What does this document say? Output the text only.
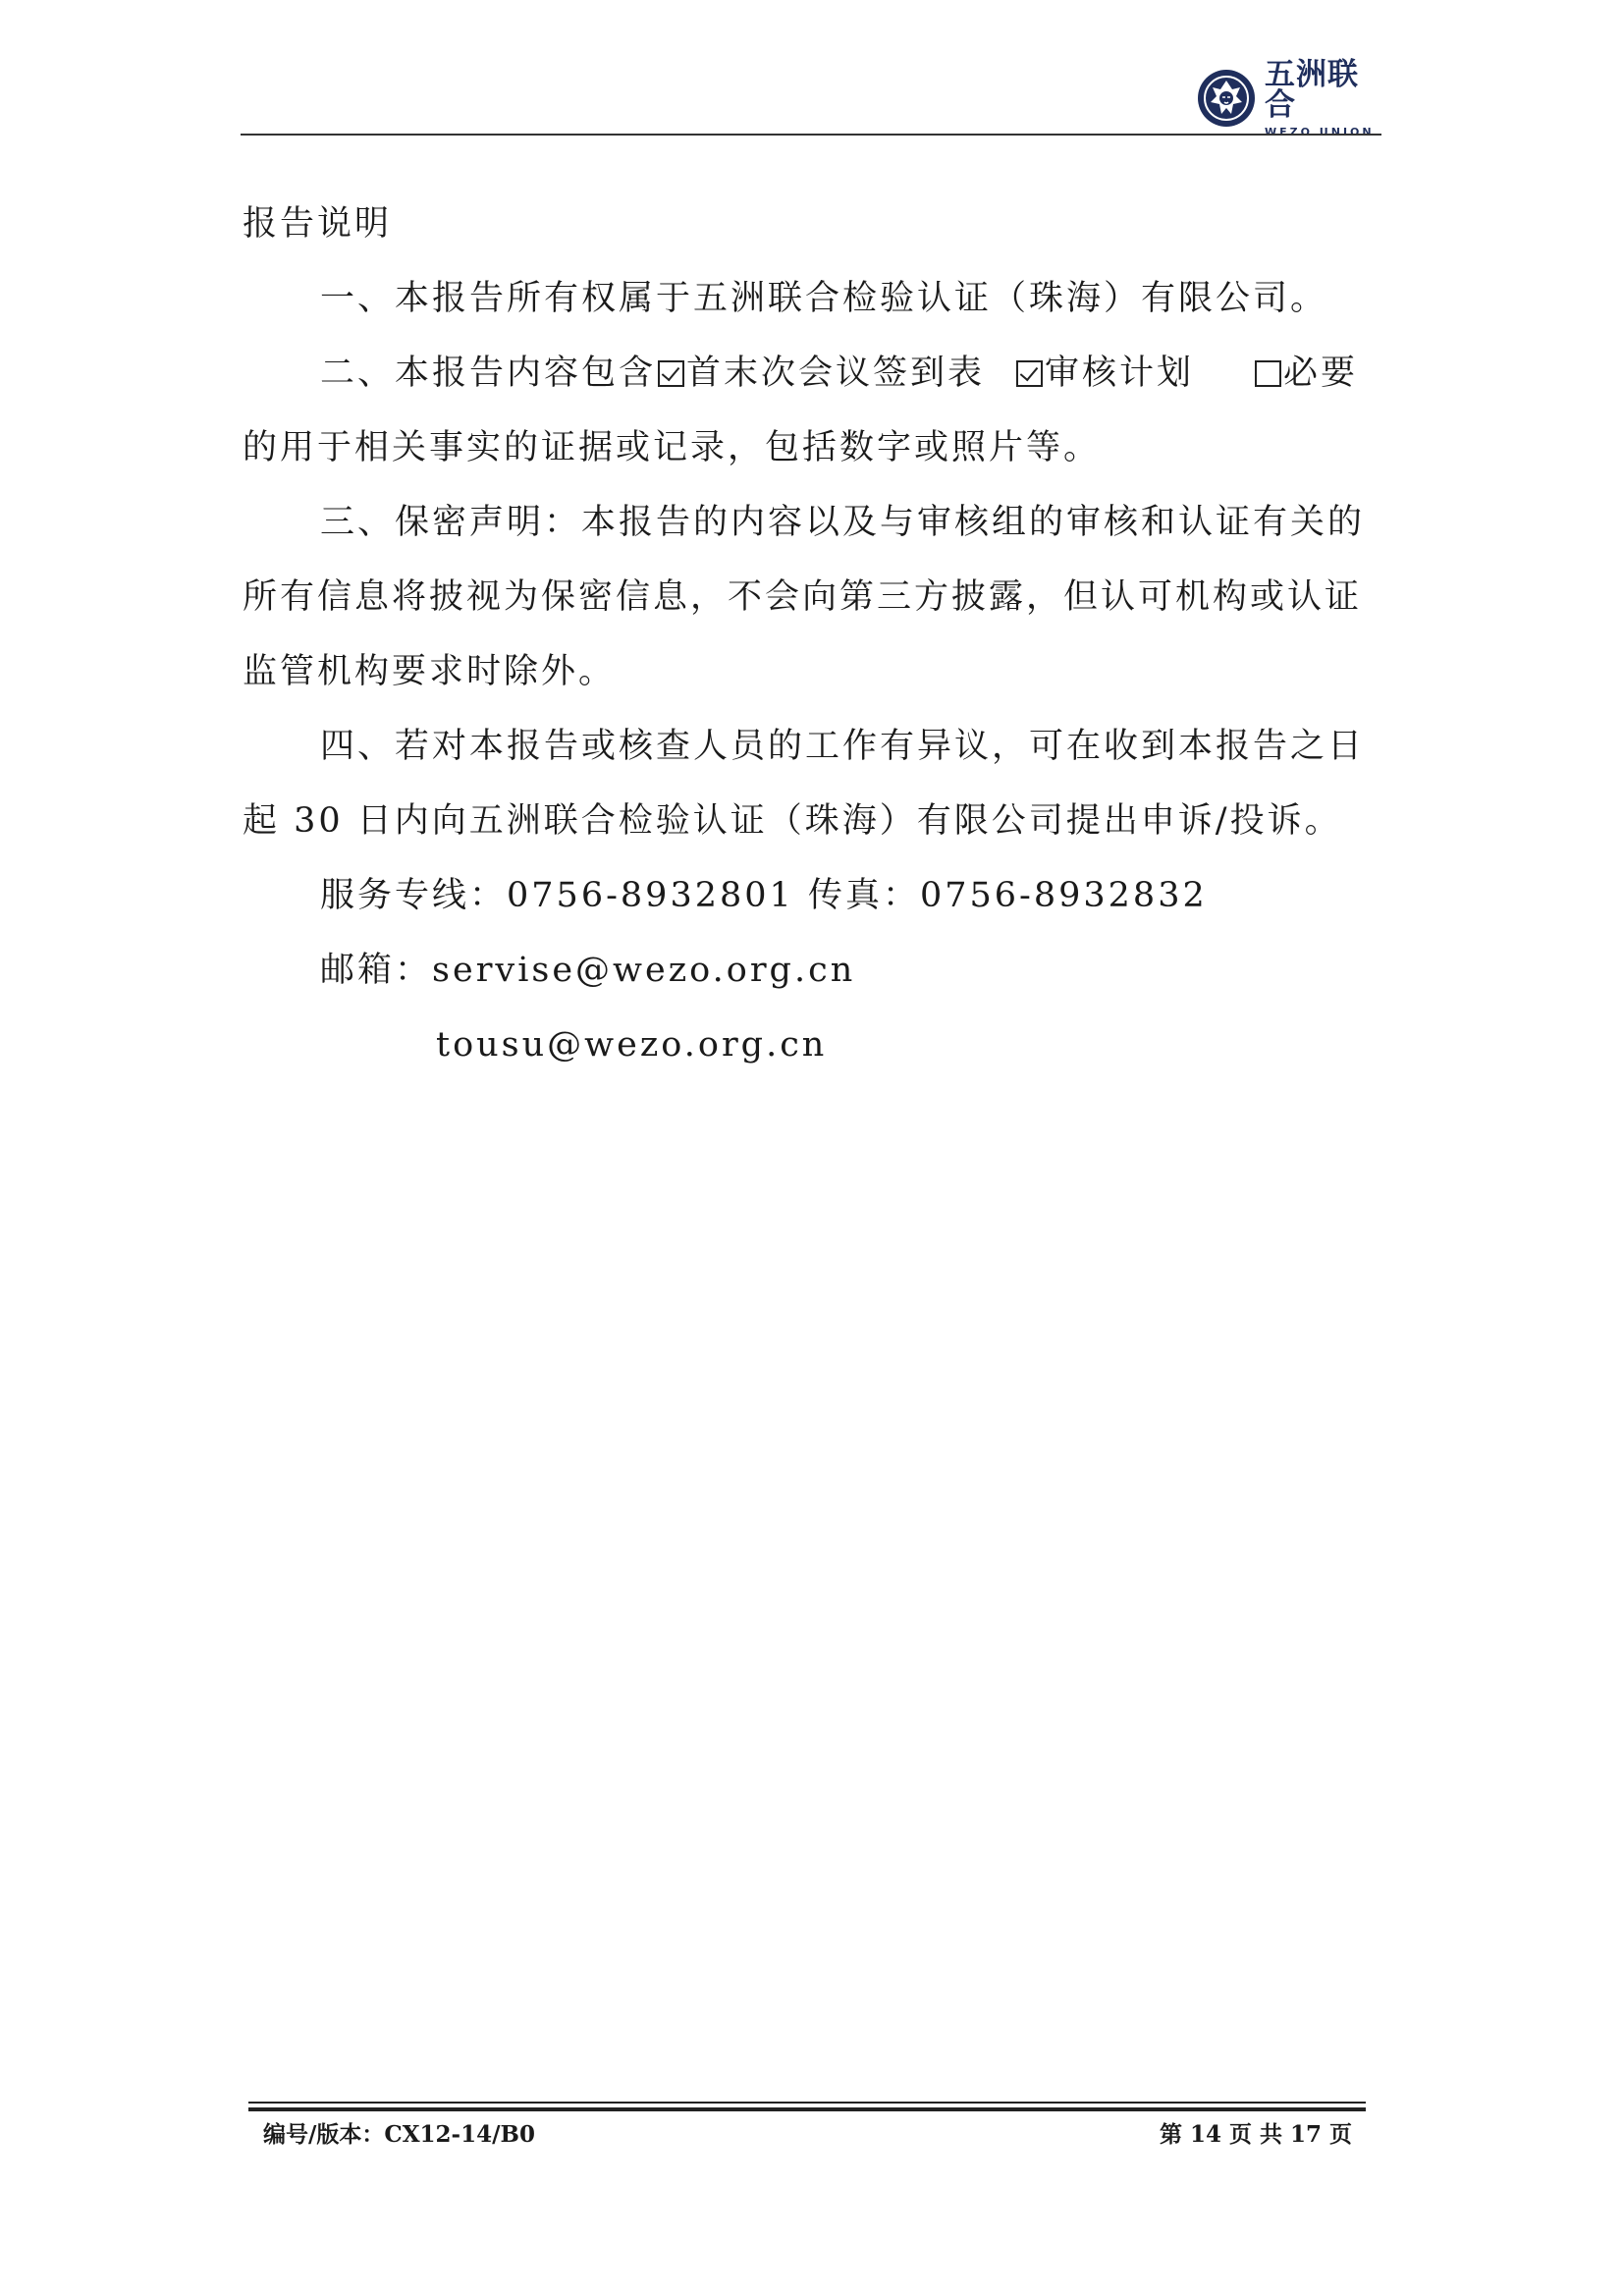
五洲联合
WEZO UNION
报告说明
一、本报告所有权属于五洲联合检验认证（珠海）有限公司。
二、本报告内容包含 首末次会议签到表 审核计划	必要
的用于相关事实的证据或记录，包括数字或照片等。
三、保密声明：本报告的内容以及与审核组的审核和认证有关的
所有信息将披视为保密信息，不会向第三方披露，但认可机构或认证
监管机构要求时除外。
四、若对本报告或核查人员的工作有异议，可在收到本报告之日
起 30 日内向五洲联合检验认证（珠海）有限公司提出申诉/投诉。
服务专线：0756-8932801 传真：0756-8932832
邮箱：servise@wezo.org.cn
tousu@wezo.org.cn
编号/版本：CX12-14/B0	第 14 页 共 17 页
